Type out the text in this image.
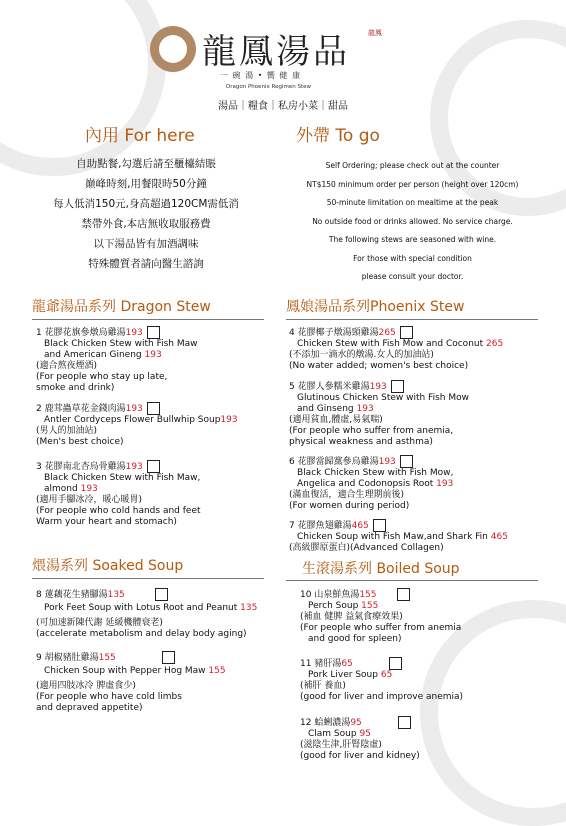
龍鳳湯品	龍鳳
一 碗 湯 • 嚮 健 康
Dragon Phoenix Regimen Stew
湯品｜糧食｜私房小菜｜甜品
內用 For here	外帶 To go
自助點餐,勾選后請至櫃檯結賬
巔峰時刻,用餐限時50分鐘
每人低消150元,身高超過120CM需低消
禁帶外食,本店無收取服務費
以下湯品皆有加酒調味
特殊體質者請向醫生諮詢
Self Ordering; please check out at the counter
NT$150 minimum order per person (height over 120cm)
50-minute limitation on mealtime at the peak
No outside food or drinks allowed. No service charge.
The following stews are seasoned with wine.
For those with special condition
please consult your doctor.
龍爺湯品系列 Dragon Stew	鳳娘湯品系列Phoenix Stew
煨湯系列 Soaked Soup	生滾湯系列 Boiled Soup
1 花膠花旗參燉烏雞湯193
Black Chicken Stew with Fish Maw
and American Gineng 193
(適合熬夜煙酒)
(For people who stay up late,
smoke and drink)
2 鹿茸蟲草花金錢肉湯193
Antler Cordyceps Flower Bullwhip Soup193
(男人的加油站)
(Men's best choice)
3 花膠南北杏烏骨雞湯193
Black Chicken Stew with Fish Maw,
almond 193
(適用手腳冰冷，暖心暖胃)
(For people who cold hands and feet
Warm your heart and stomach)
4 花膠椰子燉湯頸雞湯265
Chicken Stew with Fish Mow and Coconut 265
(不添加一滴水的燉湯.女人的加油站)
(No water added; women's best choice)
5 花膠人參糯米雞湯193
Glutinous Chicken Stew with Fish Mow
and Ginseng 193
(適用貧血,體虛,易氣喘)
(For people who suffer from anemia,
physical weakness and asthma)
6 花膠當歸黨參烏雞湯193
Black Chicken Stew with Fish Mow,
Angelica and Codonopsis Root 193
(滿血復活，適合生理期前後)
(For women during period)
7 花膠魚翅雞湯465
Chicken Soup with Fish Maw,and Shark Fin 465
(高級膠原蛋白)(Advanced Collagen)
8 蓮藕花生豬腳湯135
Pork Feet Soup with Lotus Root and Peanut 135
(可加速新陳代謝 延緩機體衰老)
(accelerate metabolism and delay body aging)
9 胡椒豬肚雞湯155
Chicken Soup with Pepper Hog Maw 155
(適用四肢冰冷 脾虛食少)
(For people who have cold limbs
and depraved appetite)
10 山泉鮮魚湯155
Perch Soup 155
(補血 健脾 益氣食療效果)
(For people who suffer from anemia
and good for spleen)
11 豬肝湯65
Pork Liver Soup 65
(補肝 養血)
(good for liver and improve anemia)
12 蛤蜊濃湯95
Clam Soup 95
(滋陰生津,肝腎陰虛)
(good for liver and kidney)
